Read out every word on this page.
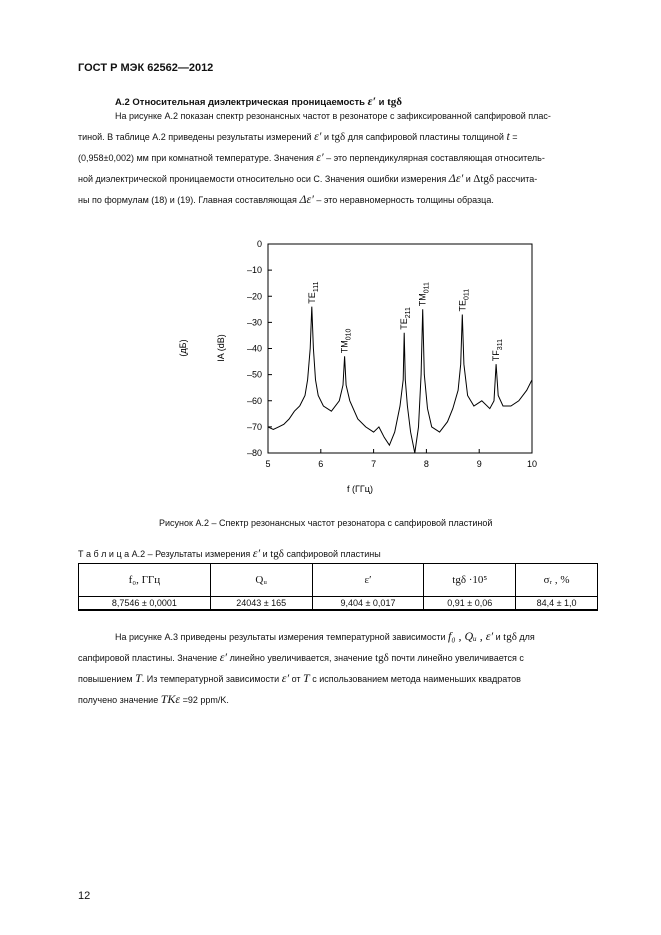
ГОСТ Р МЭК 62562—2012
А.2 Относительная диэлектрическая проницаемость ε′ и tgδ
На рисунке А.2 показан спектр резонансных частот в резонаторе с зафиксированной сапфировой плас-
тиной. В таблице А.2 приведены результаты измерений ε′ и tgδ для сапфировой пластины толщиной t =
(0,958±0,002) мм при комнатной температуре. Значения ε′ – это перпендикулярная составляющая относитель-
ной диэлектрической проницаемости относительно оси С. Значения ошибки измерения Δε′ и Δtgδ рассчита-
ны по формулам (18) и (19). Главная составляющая Δε′ – это неравномерность толщины образца.
0
–10
–20
–30
–40
–50
–60
–70
–80
5	6	7	8	9	10
$TE_{111}$
$TM_{010}$
$TE_{211}$
$TM_{011}$
$TE_{011}$
$TF_{311}$
(дБ)	IA (dB)
f (ГГц)
Рисунок А.2 – Спектр резонансных частот резонатора с сапфировой пластиной
Т а б л и ц а А.2 – Результаты измерения ε′ и tgδ сапфировой пластины
f₀, ГГц	Qᵤ	ε′	tgδ ·10⁵	σᵣ , %
8,7546 ± 0,0001	24043 ± 165	9,404 ± 0,017	0,91 ± 0,06	84,4 ± 1,0
На рисунке А.3 приведены результаты измерения температурной зависимости f₀ , Qᵤ , ε′ и tgδ для
сапфировой пластины. Значение ε′ линейно увеличивается, значение tgδ почти линейно увеличивается с
повышением T. Из температурной зависимости ε′ от T с использованием метода наименьших квадратов
получено значение TKε =92 ppm/K.
12
